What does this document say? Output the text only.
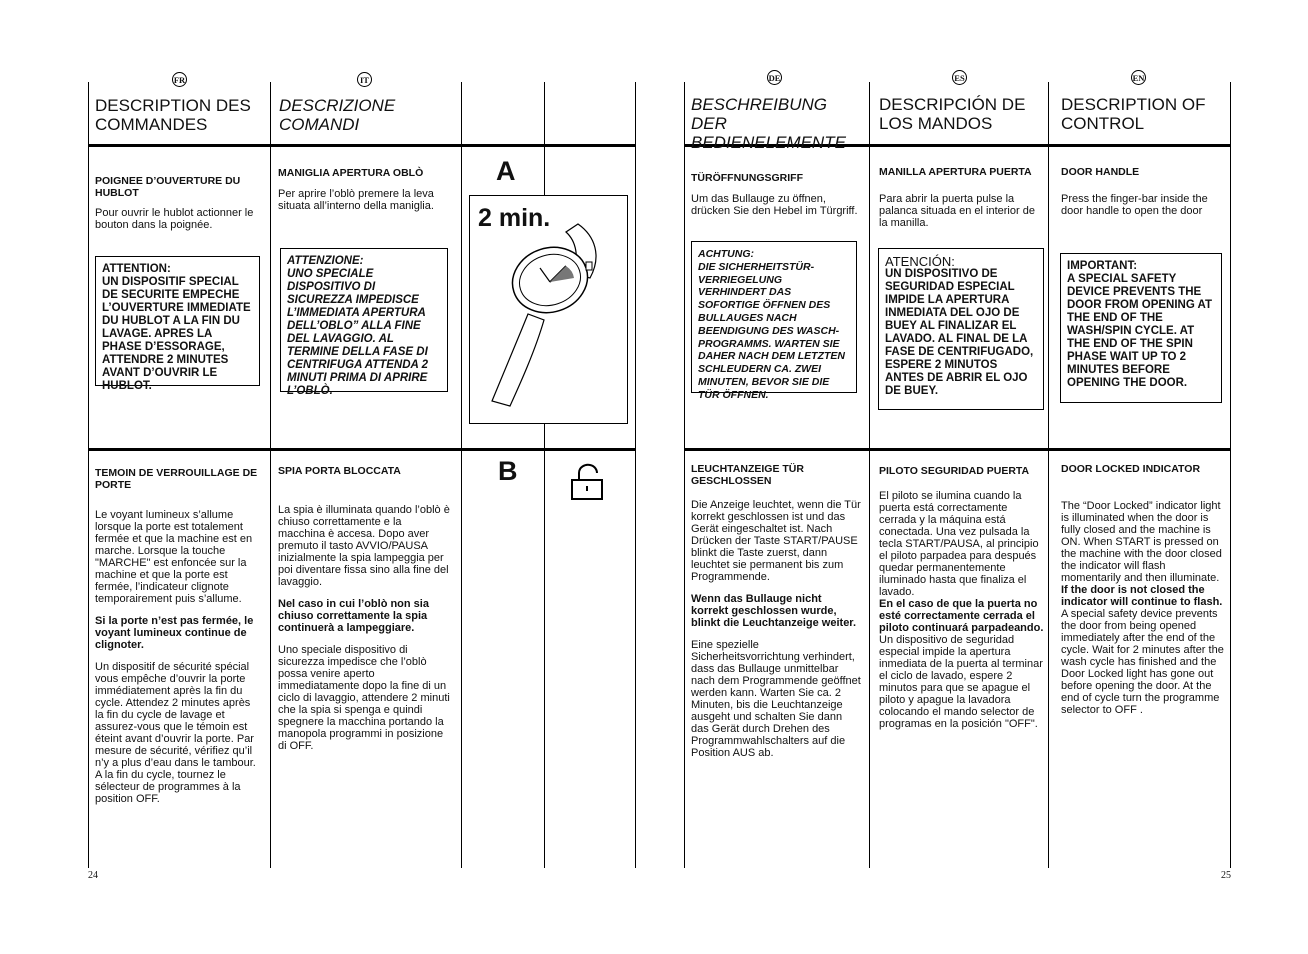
FR
DESCRIPTION DES COMMANDES
POIGNEE D’OUVERTURE DU HUBLOT
Pour ouvrir le hublot actionner le bouton dans la poignée.
ATTENTION:
UN DISPOSITIF SPECIAL DE SECURITE EMPECHE L’OUVERTURE IMMEDIATE DU HUBLOT A LA FIN DU LAVAGE. APRES LA PHASE D’ESSORAGE, ATTENDRE 2 MINUTES AVANT D’OUVRIR LE HUBLOT.
TEMOIN DE VERROUILLAGE DE PORTE
Le voyant lumineux s’allume lorsque la porte est totalement fermée et que la machine est en marche. Lorsque la touche "MARCHE" est enfoncée sur la machine et que la porte est fermée, l’indicateur clignote temporairement puis s’allume.
Si la porte n’est pas fermée, le voyant lumineux continue de clignoter.
Un dispositif de sécurité spécial vous empêche d’ouvrir la porte immédiatement après la fin du cycle. Attendez 2 minutes après la fin du cycle de lavage et assurez-vous que le témoin est éteint avant d’ouvrir la porte. Par mesure de sécurité, vérifiez qu’il n’y a plus d’eau dans le tambour. A la fin du cycle, tournez le sélecteur de programmes à la position OFF.
IT
DESCRIZIONE COMANDI
MANIGLIA APERTURA OBLÒ
Per aprire l’oblò premere la leva situata all’interno della maniglia.
ATTENZIONE:
UNO SPECIALE DISPOSITIVO DI SICUREZZA IMPEDISCE L’IMMEDIATA APERTURA DELL’OBLO” ALLA FINE DEL LAVAGGIO. AL TERMINE DELLA FASE DI CENTRIFUGA ATTENDA 2 MINUTI PRIMA DI APRIRE L’OBLÒ.
SPIA PORTA BLOCCATA
La spia è illuminata quando l’oblò è chiuso correttamente e la macchina è accesa. Dopo aver premuto il tasto AVVIO/PAUSA inizialmente la spia lampeggia per poi diventare fissa sino alla fine del lavaggio.
Nel caso in cui l’oblò non sia chiuso correttamente la spia continuerà a lampeggiare.
Uno speciale dispositivo di sicurezza impedisce che l’oblò possa venire aperto immediatamente dopo la fine di un ciclo di lavaggio, attendere 2 minuti che la spia si spenga e quindi spegnere la macchina portando la manopola programmi in posizione di OFF.
A
2 min.
B
24
DE
BESCHREIBUNG DER BEDIENELEMENTE
TÜRÖFFNUNGSGRIFF
Um das Bullauge zu öffnen, drücken Sie den Hebel im Türgriff.
ACHTUNG:
DIE SICHERHEITSTÜR-VERRIEGELUNG VERHINDERT DAS SOFORTIGE ÖFFNEN DES BULLAUGES NACH BEENDIGUNG DES WASCH-PROGRAMMS. WARTEN SIE DAHER NACH DEM LETZTEN SCHLEUDERN CA. ZWEI MINUTEN, BEVOR SIE DIE TÜR ÖFFNEN.
LEUCHTANZEIGE TÜR GESCHLOSSEN
Die Anzeige leuchtet, wenn die Tür korrekt geschlossen ist und das Gerät eingeschaltet ist. Nach Drücken der Taste START/PAUSE blinkt die Taste zuerst, dann leuchtet sie permanent bis zum Programmende.
Wenn das Bullauge nicht korrekt geschlossen wurde, blinkt die Leuchtanzeige weiter.
Eine spezielle Sicherheitsvorrichtung verhindert, dass das Bullauge unmittelbar nach dem Programmende geöffnet werden kann. Warten Sie ca. 2 Minuten, bis die Leuchtanzeige ausgeht und schalten Sie dann das Gerät durch Drehen des Programmwahlschalters auf die Position AUS ab.
ES
DESCRIPCIÓN DE LOS MANDOS
MANILLA APERTURA PUERTA
Para abrir la puerta pulse la palanca situada en el interior de la manilla.
ATENCIÓN:
UN DISPOSITIVO DE SEGURIDAD ESPECIAL IMPIDE LA APERTURA INMEDIATA DEL OJO DE BUEY AL FINALIZAR EL LAVADO. AL FINAL DE LA FASE DE CENTRIFUGADO, ESPERE 2 MINUTOS ANTES DE ABRIR EL OJO DE BUEY.
PILOTO SEGURIDAD PUERTA
El piloto se ilumina cuando la puerta está correctamente cerrada y la máquina está conectada. Una vez pulsada la tecla START/PAUSA, al principio el piloto parpadea para después quedar permanentemente iluminado hasta que finaliza el lavado.
En el caso de que la puerta no esté correctamente cerrada el piloto continuará parpadeando.
Un dispositivo de seguridad especial impide la apertura inmediata de la puerta al terminar el ciclo de lavado, espere 2 minutos para que se apague el piloto y apague la lavadora colocando el mando selector de programas en la posición "OFF".
EN
DESCRIPTION OF CONTROL
DOOR HANDLE
Press the finger-bar inside the door handle to open the door
IMPORTANT:
A SPECIAL SAFETY DEVICE PREVENTS THE DOOR FROM OPENING AT THE END OF THE WASH/SPIN CYCLE. AT THE END OF THE SPIN PHASE WAIT UP TO 2 MINUTES BEFORE OPENING THE DOOR.
DOOR LOCKED INDICATOR
The “Door Locked” indicator light is illuminated when the door is fully closed and the machine is ON. When START is pressed on the machine with the door closed the indicator will flash momentarily and then illuminate.
If the door is not closed the indicator will continue to flash.
A special safety device prevents the door from being opened immediately after the end of the cycle. Wait for 2 minutes after the wash cycle has finished and the Door Locked light has gone out before opening the door. At the end of cycle turn the programme selector to OFF .
25
